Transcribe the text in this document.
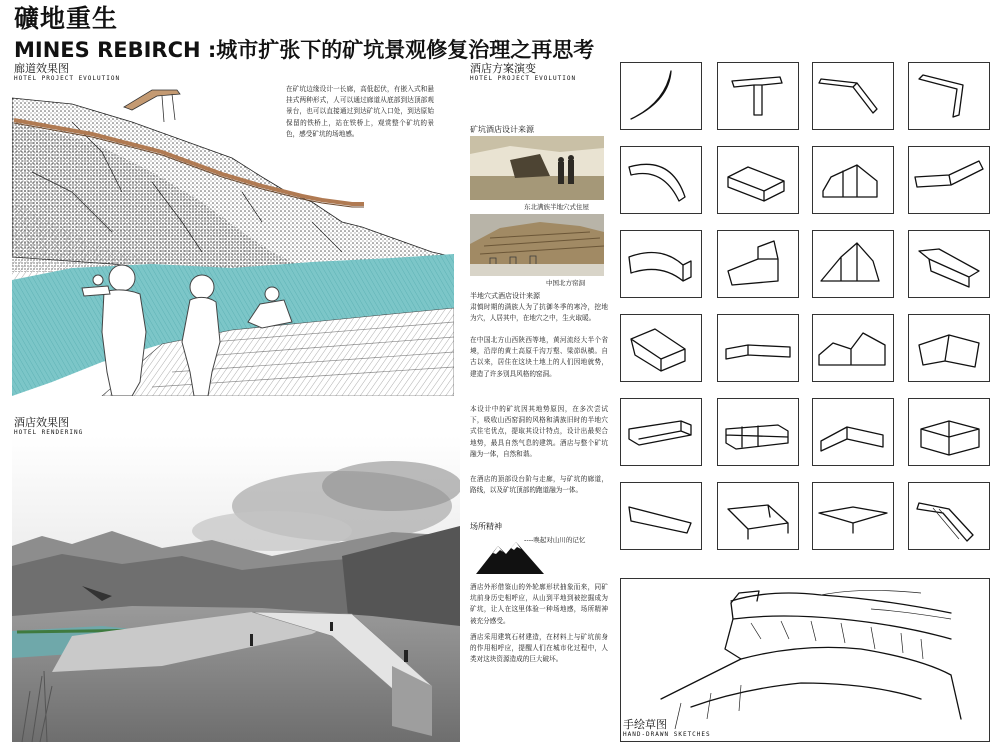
礦地重生
MINES REBIRCH :城市扩张下的矿坑景观修复治理之再思考
廊道效果图
HOTEL PROJECT EVOLUTION
在矿坑边缘设计一长廊，高低起伏，有嵌入式和悬挂式两种形式，人可以通过廊道从底部到达顶部观景台，也可以直接通过到达矿坑入口处，到达原始保留的铁桥上，站在铁桥上，观赏整个矿坑的景色，感受矿坑的场地感。
酒店效果图
HOTEL RENDERING
酒店方案演变
HOTEL PROJECT EVOLUTION
矿坑酒店设计来源
东北满族半地穴式住屋
中国北方窑洞
半地穴式酒店设计来源
肃慎时期的满族人为了抗御冬季的寒冷，挖地为穴，人居其中，在地穴之中，生火取暖。
在中国北方山西陕西等地，黄河流经大半个省境，沿岸的黄土高原千沟万壑、梁峁纵横。自古以来，居住在这块土地上的人们因地就势，建造了许多别具风格的窑洞。
本设计中的矿坑因其地势原因，在多次尝试下，吸收山西窑洞的风格和满族旧时的半地穴式住宅优点，提取其设计特点，设计出最契合地势，最具自然气息的建筑。酒店与整个矿坑融为一体，自然和谐。
在酒店的顶部设台阶与走廊，与矿坑的廊道，路线，以及矿坑顶部的跑道融为一体。
场所精神
----唤起对山川的记忆
酒店外形借鉴山的外轮廓形状抽象而来，同矿坑前身历史相呼应，从山到平地到被挖掘成为矿坑，让人在这里体验一种场地感，场所精神被充分感受。
酒店采用建筑石材建造，在材料上与矿坑前身的作用相呼应，提醒人们在城市化过程中，人类对这块资源造成的巨大破坏。
手绘草图
HAND-DRAWN SKETCHES
